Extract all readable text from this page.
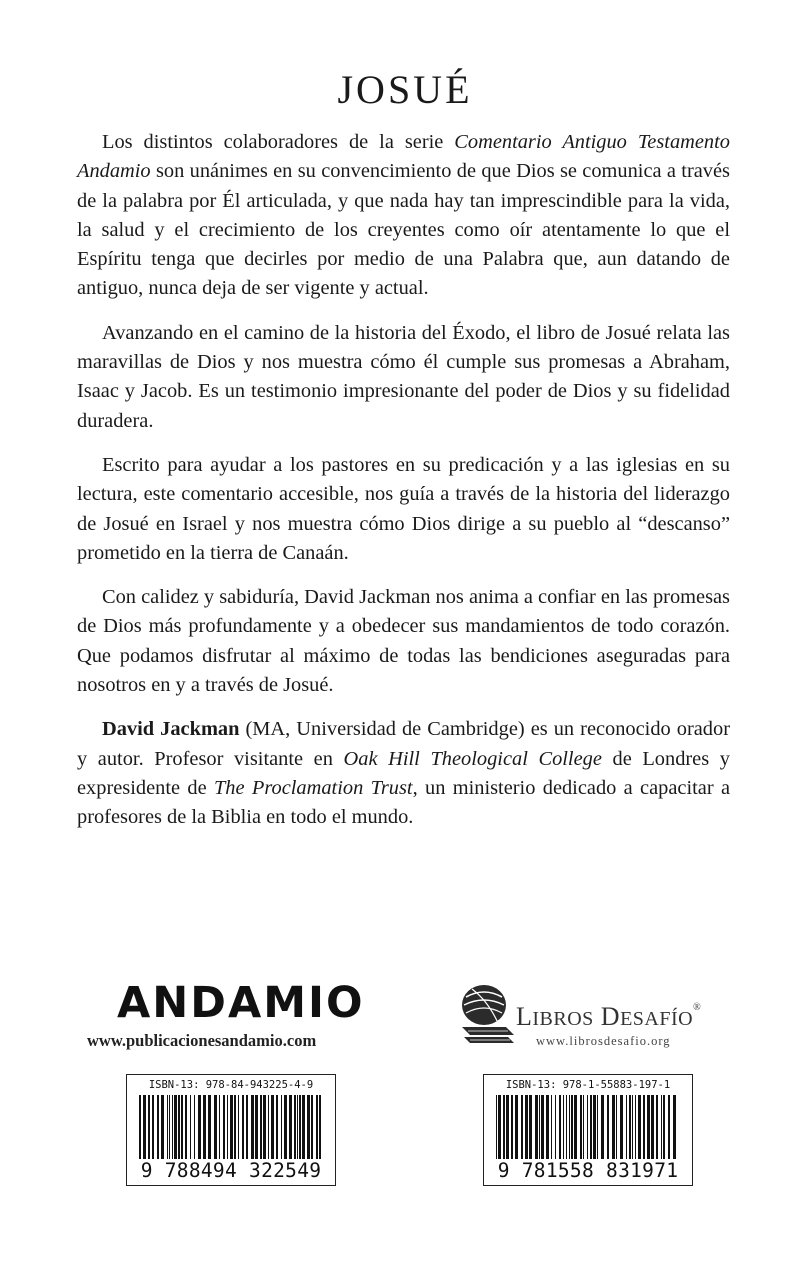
JOSUÉ

Los distintos colaboradores de la serie Comentario Antiguo Testamento Andamio son unánimes en su convencimiento de que Dios se comunica a través de la palabra por Él articulada, y que nada hay tan imprescindible para la vida, la salud y el crecimiento de los creyentes como oír atentamente lo que el Espíritu tenga que decirles por medio de una Palabra que, aun datando de antiguo, nunca deja de ser vigente y actual.

Avanzando en el camino de la historia del Éxodo, el libro de Josué relata las maravillas de Dios y nos muestra cómo él cumple sus promesas a Abraham, Isaac y Jacob. Es un testimonio impresionante del poder de Dios y su fidelidad duradera.

Escrito para ayudar a los pastores en su predicación y a las iglesias en su lectura, este comentario accesible, nos guía a través de la historia del liderazgo de Josué en Israel y nos muestra cómo Dios dirige a su pueblo al “descanso” prometido en la tierra de Canaán.

Con calidez y sabiduría, David Jackman nos anima a confiar en las promesas de Dios más profundamente y a obedecer sus mandamientos de todo corazón. Que podamos disfrutar al máximo de todas las bendiciones aseguradas para nosotros en y a través de Josué.

David Jackman (MA, Universidad de Cambridge) es un reconocido orador y autor. Profesor visitante en Oak Hill Theological College de Londres y expresidente de The Proclamation Trust, un ministerio dedicado a capacitar a profesores de la Biblia en todo el mundo.

ANDAMIO
www.publicacionesandamio.com
LIBROS DESAFÍO®
www.librosdesafio.org
ISBN-13: 978-84-943225-4-9
9 788494 322549
ISBN-13: 978-1-55883-197-1
9 781558 831971
